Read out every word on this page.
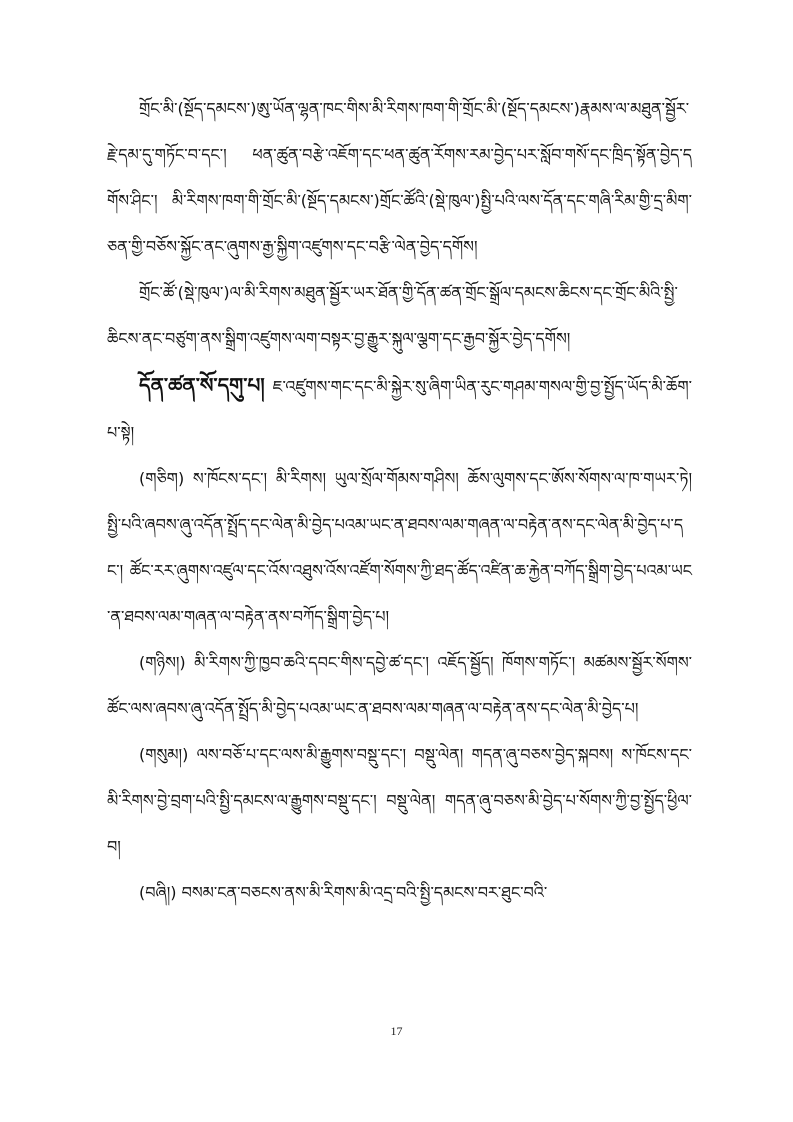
གྲོང་མི་(སྔོད་དམངས་)ཨུ་ཡོན་ལྷན་ཁང་གིས་མི་རིགས་ཁག་གི་གྲོང་མི་(སྔོད་དམངས་)རྣམས་ལ་མཐུན་སྦྱོར་རྗེ་དམ་དུ་གཏོང་བ་དང་། ཕན་ཚུན་བརྩེ་འཇོག་དང་ཕན་ཚུན་རོགས་རམ་བྱེད་པར་སློབ་གསོ་དང་ཁྲིད་སྟོན་བྱེད་དགོས་ཤིང་། མི་རིགས་ཁག་གི་གྲོང་མི་(སྔོད་དམངས་)གྲོང་ཚོའི་(སྡེ་ཁུལ་)སྤྱི་པའི་ལས་དོན་དང་གཞི་རིམ་གྱི་དྲ་མིག་ཅན་གྱི་བཅོས་སྐྱོང་ནང་ཞུགས་རྒྱ་སྐྱིག་འཛུགས་དང་བརྩི་ལེན་བྱེད་དགོས།

གྲོང་ཚོ་(སྡེ་ཁུལ་)ལ་མི་རིགས་མཐུན་སྦྱོར་ཡར་ཐོན་གྱི་དོན་ཚན་གྲོང་སྒྲོལ་དམངས་ཆིངས་དང་གྲོང་མིའི་སྤྱི་ཆིངས་ནང་བཙུག་ནས་སྒྲིག་འཛུགས་ལག་བསྟར་བྱ་རྒྱུར་སྐུལ་ལྕག་དང་རྒྱབ་སྐྱོར་བྱེད་དགོས།

དོན་ཚན་སོ་དགུ་པ། ཇ་འཛུགས་གང་དང་མི་སྐྱེར་སུ་ཞིག་ཡིན་རུང་གཤམ་གསལ་གྱི་བྱ་སྤྱོད་ཡོད་མི་ཆོག་པ་སྟེ།

(གཅིག) ས་ཁོངས་དང་། མི་རིགས། ཡུལ་སྲོལ་གོམས་གཤིས། ཆོས་ལུགས་དང་ཨོས་སོགས་ལ་ཁ་གཡར་ཏེ། སྤྱི་པའི་ཞབས་ཞུ་འདོན་སྤྲོད་དང་ལེན་མི་བྱེད་པའམ་ཡང་ན་ཐབས་ལམ་གཞན་ལ་བརྟེན་ནས་དང་ལེན་མི་བྱེད་པ་དང་། ཚོང་རར་ཞུགས་འཛུལ་དང་འོས་འཐུས་འོས་འཛོག་སོགས་ཀྱི་ཐད་ཚོད་འཛིན་ཆ་རྐྱེན་བཀོད་སྒྲིག་བྱེད་པའམ་ཡང་ན་ཐབས་ལམ་གཞན་ལ་བརྟེན་ནས་བཀོད་སྒྲིག་བྱེད་པ།

(གཉིས།) མི་རིགས་ཀྱི་ཁྱབ་ཆའི་དབང་གིས་དབྱེ་ཚ་དང་། འཇོད་སྦྱོད། ཁོགས་གཏོང་། མཚམས་སྦྱོར་སོགས་ཚོང་ལས་ཞབས་ཞུ་འདོན་སྤྲོད་མི་བྱེད་པའམ་ཡང་ན་ཐབས་ལམ་གཞན་ལ་བརྟེན་ནས་དང་ལེན་མི་བྱེད་པ།

(གསུམ།) ལས་བཅོ་པ་དང་ལས་མི་རྒྱུགས་བསྡུ་དང་། བསྡུ་ལེན། གདན་ཞུ་བཅས་བྱེད་སྐབས། ས་ཁོངས་དང་མི་རིགས་བྱེ་བྲག་པའི་སྤྱི་དམངས་ལ་རྒྱུགས་བསྡུ་དང་། བསྡུ་ལེན། གདན་ཞུ་བཅས་མི་བྱེད་པ་སོགས་ཀྱི་བྱ་སྤྱོད་ཕྱིལ་བ།

(བཞི།) བསམ་ངན་བཅངས་ནས་མི་རིགས་མི་འདྲ་བའི་སྤྱི་དམངས་བར་ཐུང་བའི་

17
